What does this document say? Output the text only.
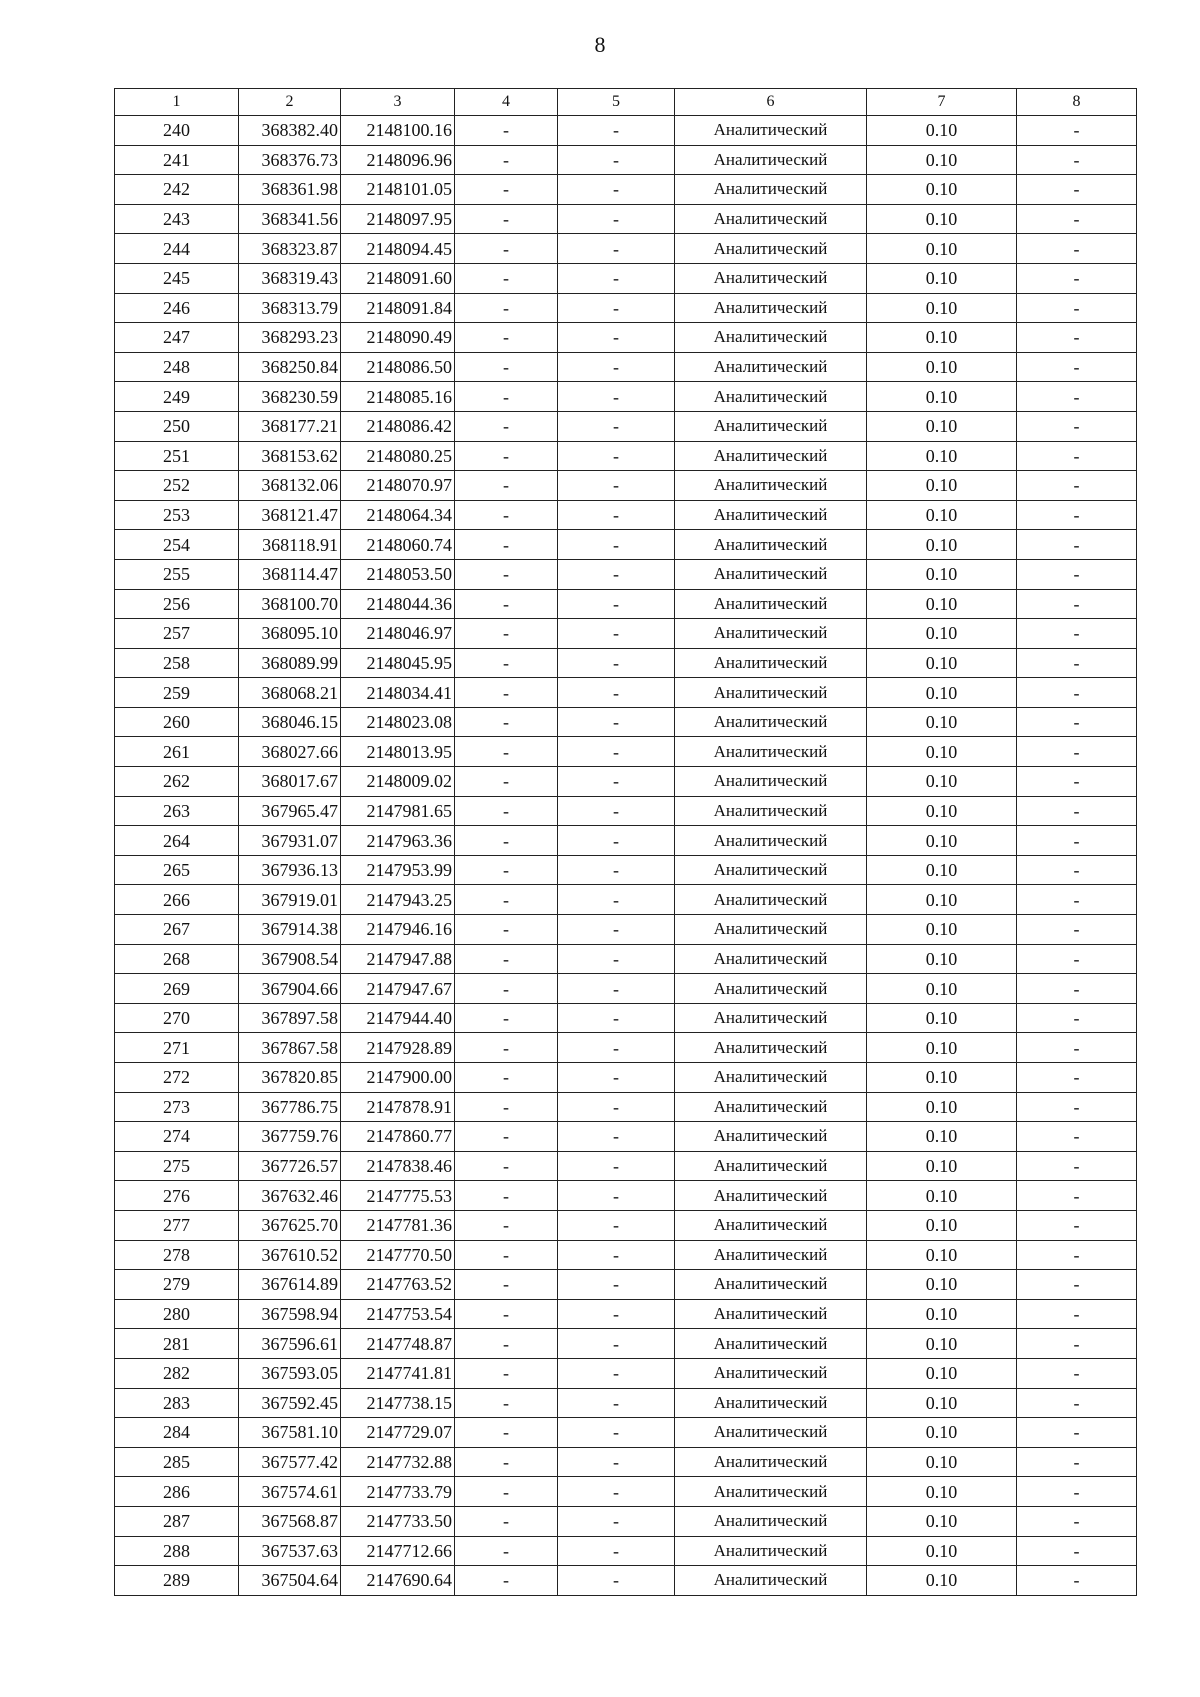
8
1	2	3	4	5	6	7	8
240	368382.40	2148100.16	-	-	Аналитический	0.10	-
241	368376.73	2148096.96	-	-	Аналитический	0.10	-
242	368361.98	2148101.05	-	-	Аналитический	0.10	-
243	368341.56	2148097.95	-	-	Аналитический	0.10	-
244	368323.87	2148094.45	-	-	Аналитический	0.10	-
245	368319.43	2148091.60	-	-	Аналитический	0.10	-
246	368313.79	2148091.84	-	-	Аналитический	0.10	-
247	368293.23	2148090.49	-	-	Аналитический	0.10	-
248	368250.84	2148086.50	-	-	Аналитический	0.10	-
249	368230.59	2148085.16	-	-	Аналитический	0.10	-
250	368177.21	2148086.42	-	-	Аналитический	0.10	-
251	368153.62	2148080.25	-	-	Аналитический	0.10	-
252	368132.06	2148070.97	-	-	Аналитический	0.10	-
253	368121.47	2148064.34	-	-	Аналитический	0.10	-
254	368118.91	2148060.74	-	-	Аналитический	0.10	-
255	368114.47	2148053.50	-	-	Аналитический	0.10	-
256	368100.70	2148044.36	-	-	Аналитический	0.10	-
257	368095.10	2148046.97	-	-	Аналитический	0.10	-
258	368089.99	2148045.95	-	-	Аналитический	0.10	-
259	368068.21	2148034.41	-	-	Аналитический	0.10	-
260	368046.15	2148023.08	-	-	Аналитический	0.10	-
261	368027.66	2148013.95	-	-	Аналитический	0.10	-
262	368017.67	2148009.02	-	-	Аналитический	0.10	-
263	367965.47	2147981.65	-	-	Аналитический	0.10	-
264	367931.07	2147963.36	-	-	Аналитический	0.10	-
265	367936.13	2147953.99	-	-	Аналитический	0.10	-
266	367919.01	2147943.25	-	-	Аналитический	0.10	-
267	367914.38	2147946.16	-	-	Аналитический	0.10	-
268	367908.54	2147947.88	-	-	Аналитический	0.10	-
269	367904.66	2147947.67	-	-	Аналитический	0.10	-
270	367897.58	2147944.40	-	-	Аналитический	0.10	-
271	367867.58	2147928.89	-	-	Аналитический	0.10	-
272	367820.85	2147900.00	-	-	Аналитический	0.10	-
273	367786.75	2147878.91	-	-	Аналитический	0.10	-
274	367759.76	2147860.77	-	-	Аналитический	0.10	-
275	367726.57	2147838.46	-	-	Аналитический	0.10	-
276	367632.46	2147775.53	-	-	Аналитический	0.10	-
277	367625.70	2147781.36	-	-	Аналитический	0.10	-
278	367610.52	2147770.50	-	-	Аналитический	0.10	-
279	367614.89	2147763.52	-	-	Аналитический	0.10	-
280	367598.94	2147753.54	-	-	Аналитический	0.10	-
281	367596.61	2147748.87	-	-	Аналитический	0.10	-
282	367593.05	2147741.81	-	-	Аналитический	0.10	-
283	367592.45	2147738.15	-	-	Аналитический	0.10	-
284	367581.10	2147729.07	-	-	Аналитический	0.10	-
285	367577.42	2147732.88	-	-	Аналитический	0.10	-
286	367574.61	2147733.79	-	-	Аналитический	0.10	-
287	367568.87	2147733.50	-	-	Аналитический	0.10	-
288	367537.63	2147712.66	-	-	Аналитический	0.10	-
289	367504.64	2147690.64	-	-	Аналитический	0.10	-
